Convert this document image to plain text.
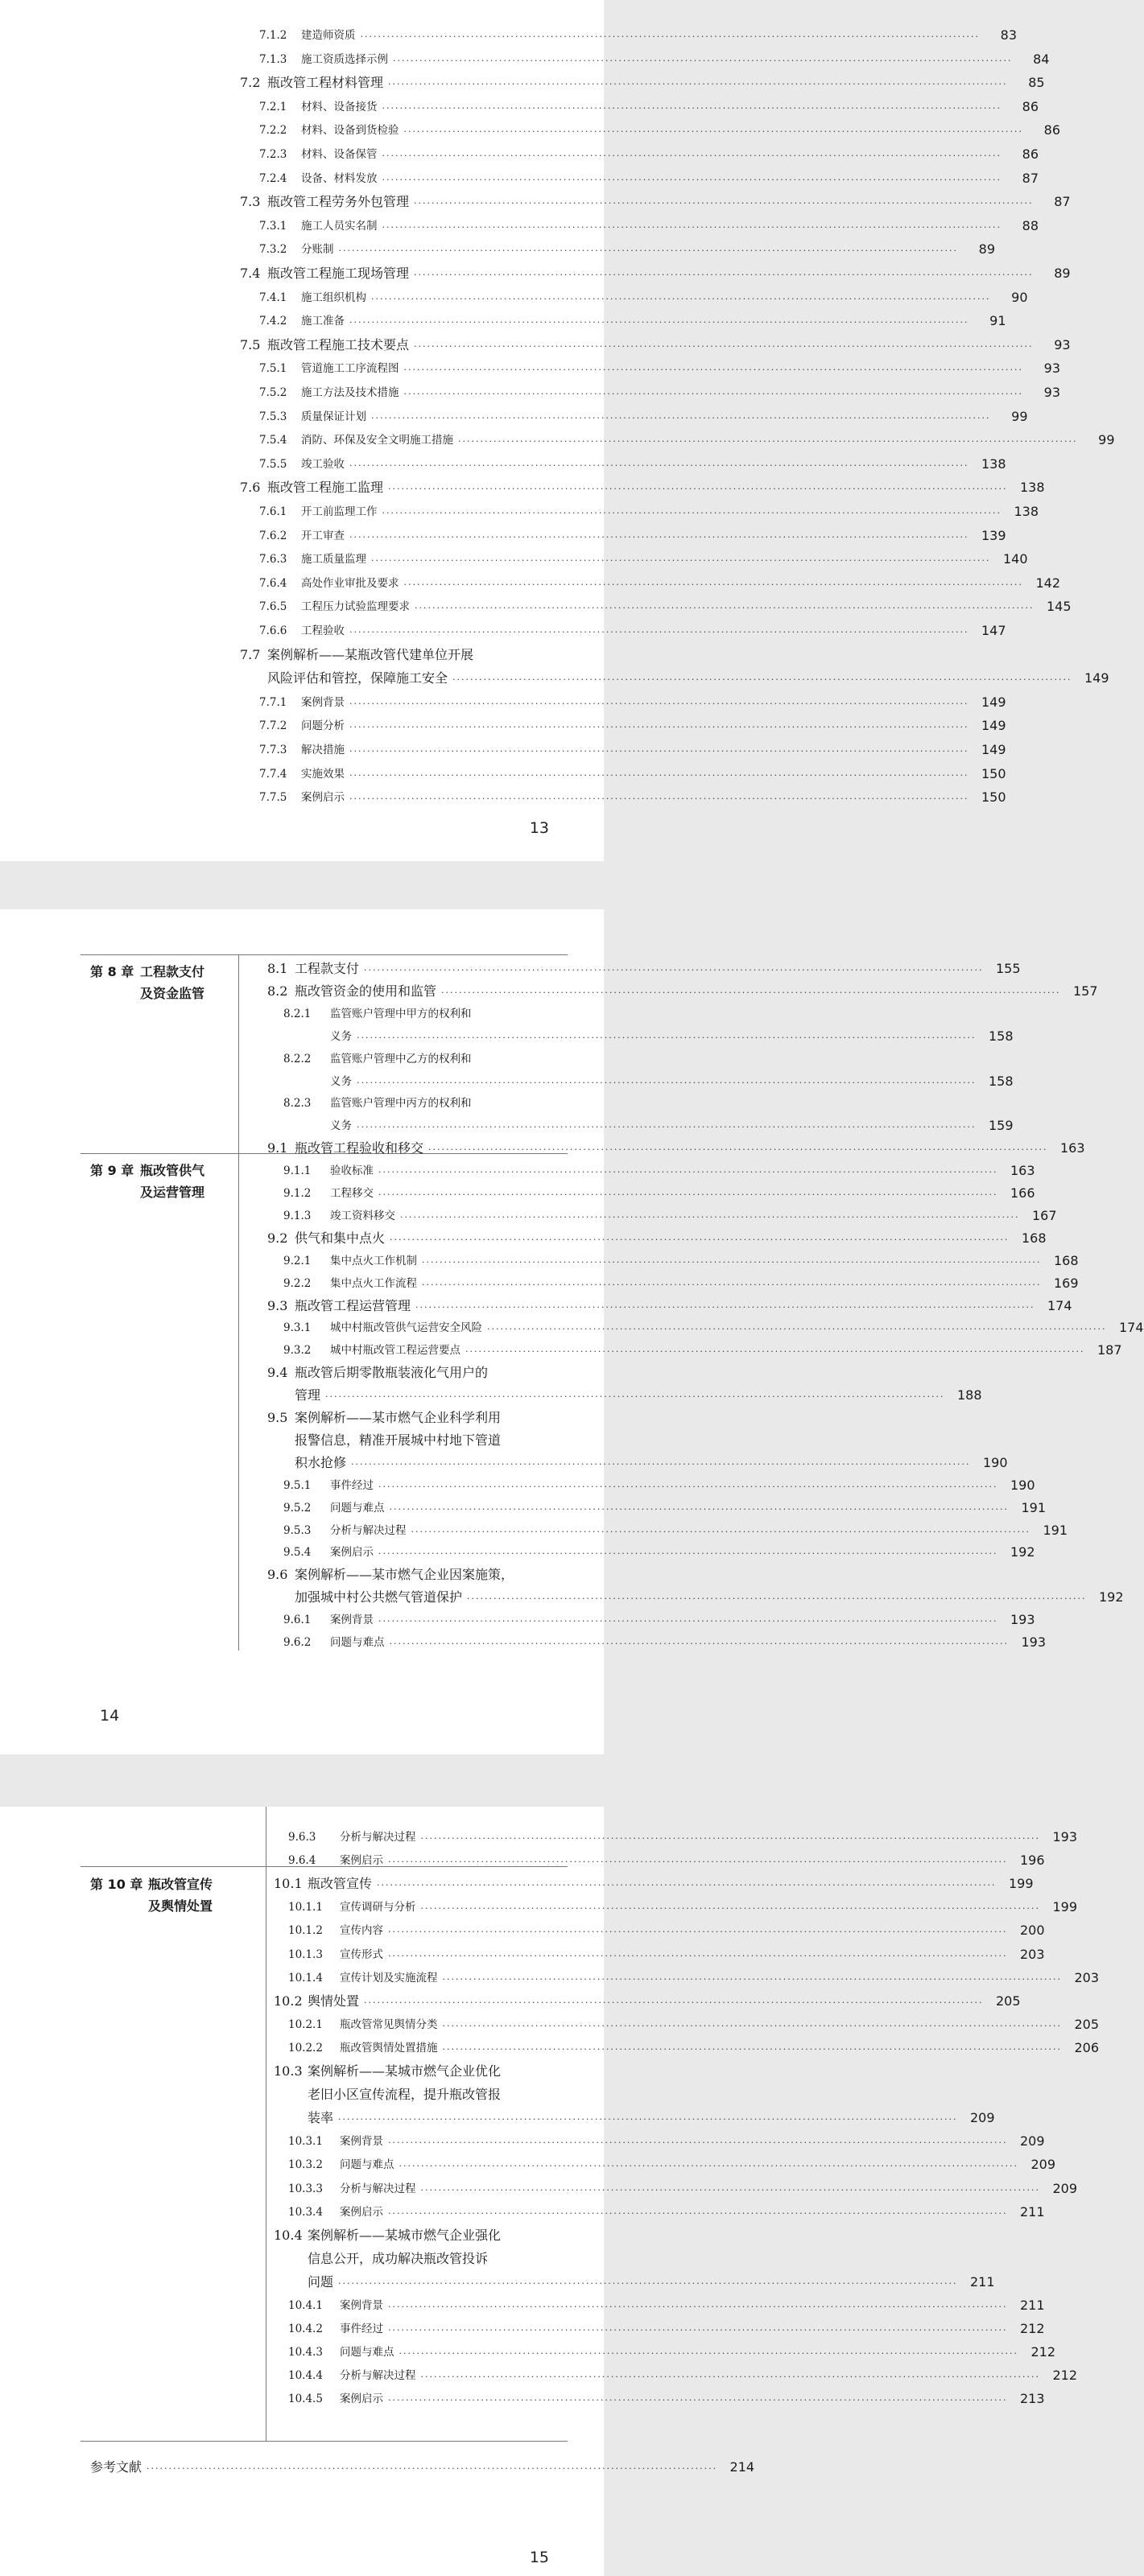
7.1.2	建造师资质 ············································································································································	83
7.1.3	施工资质选择示例 ············································································································································	84
7.2 瓶改管工程材料管理 ············································································································································	85
7.2.1	材料、设备接货 ············································································································································	86
7.2.2	材料、设备到货检验 ············································································································································	86
7.2.3	材料、设备保管 ············································································································································	86
7.2.4	设备、材料发放 ············································································································································	87
7.3 瓶改管工程劳务外包管理 ············································································································································	87
7.3.1	施工人员实名制 ············································································································································	88
7.3.2	分账制 ············································································································································	89
7.4 瓶改管工程施工现场管理 ············································································································································	89
7.4.1	施工组织机构 ············································································································································	90
7.4.2	施工准备 ············································································································································	91
7.5 瓶改管工程施工技术要点 ············································································································································	93
7.5.1	管道施工工序流程图 ············································································································································	93
7.5.2	施工方法及技术措施 ············································································································································	93
7.5.3	质量保证计划 ············································································································································	99
7.5.4	消防、环保及安全文明施工措施 ············································································································································	99
7.5.5	竣工验收 ············································································································································ 138
7.6 瓶改管工程施工监理 ············································································································································ 138
7.6.1	开工前监理工作 ············································································································································ 138
7.6.2	开工审查 ············································································································································ 139
7.6.3	施工质量监理 ············································································································································ 140
7.6.4	高处作业审批及要求 ············································································································································ 142
7.6.5	工程压力试验监理要求 ············································································································································ 145
7.6.6	工程验收 ············································································································································ 147
7.7 案例解析——某瓶改管代建单位开展
风险评估和管控，保障施工安全 ············································································································································ 149
7.7.1	案例背景 ············································································································································ 149
7.7.2	问题分析 ············································································································································ 149
7.7.3	解决措施 ············································································································································ 149
7.7.4	实施效果 ············································································································································ 150
7.7.5	案例启示 ············································································································································ 150
13
第 8 章 工程款支付
及资金监管
第 9 章 瓶改管供气
及运营管理
8.1 工程款支付 ············································································································································ 155
8.2 瓶改管资金的使用和监管 ············································································································································ 157
8.2.1	监管账户管理中甲方的权利和
义务 ············································································································································ 158
8.2.2	监管账户管理中乙方的权利和
义务 ············································································································································ 158
8.2.3	监管账户管理中丙方的权利和
义务 ············································································································································ 159
9.1 瓶改管工程验收和移交 ············································································································································ 163
9.1.1	验收标准 ············································································································································ 163
9.1.2	工程移交 ············································································································································ 166
9.1.3	竣工资料移交 ············································································································································ 167
9.2 供气和集中点火 ············································································································································ 168
9.2.1	集中点火工作机制 ············································································································································ 168
9.2.2	集中点火工作流程 ············································································································································ 169
9.3 瓶改管工程运营管理 ············································································································································ 174
9.3.1	城中村瓶改管供气运营安全风险 ············································································································································ 174
9.3.2	城中村瓶改管工程运营要点 ············································································································································ 187
9.4 瓶改管后期零散瓶装液化气用户的
管理 ············································································································································ 188
9.5 案例解析——某市燃气企业科学利用
报警信息，精准开展城中村地下管道
积水抢修 ············································································································································ 190
9.5.1	事件经过 ············································································································································ 190
9.5.2	问题与难点 ············································································································································ 191
9.5.3	分析与解决过程 ············································································································································ 191
9.5.4	案例启示 ············································································································································ 192
9.6 案例解析——某市燃气企业因案施策，
加强城中村公共燃气管道保护 ············································································································································ 192
9.6.1	案例背景 ············································································································································ 193
9.6.2	问题与难点 ············································································································································ 193
14
第 10 章 瓶改管宣传
及舆情处置
9.6.3	分析与解决过程 ············································································································································ 193
9.6.4	案例启示 ············································································································································ 196
10.1 瓶改管宣传 ············································································································································ 199
10.1.1	宣传调研与分析 ············································································································································ 199
10.1.2	宣传内容 ············································································································································ 200
10.1.3	宣传形式 ············································································································································ 203
10.1.4	宣传计划及实施流程 ············································································································································ 203
10.2 舆情处置 ············································································································································ 205
10.2.1	瓶改管常见舆情分类 ············································································································································ 205
10.2.2	瓶改管舆情处置措施 ············································································································································ 206
10.3 案例解析——某城市燃气企业优化
老旧小区宣传流程，提升瓶改管报
装率 ············································································································································ 209
10.3.1	案例背景 ············································································································································ 209
10.3.2	问题与难点 ············································································································································ 209
10.3.3	分析与解决过程 ············································································································································ 209
10.3.4	案例启示 ············································································································································ 211
10.4 案例解析——某城市燃气企业强化
信息公开，成功解决瓶改管投诉
问题 ············································································································································ 211
10.4.1	案例背景 ············································································································································ 211
10.4.2	事件经过 ············································································································································ 212
10.4.3	问题与难点 ············································································································································ 212
10.4.4	分析与解决过程 ············································································································································ 212
10.4.5	案例启示 ············································································································································ 213
参考文献 ································································································································· 214
15
